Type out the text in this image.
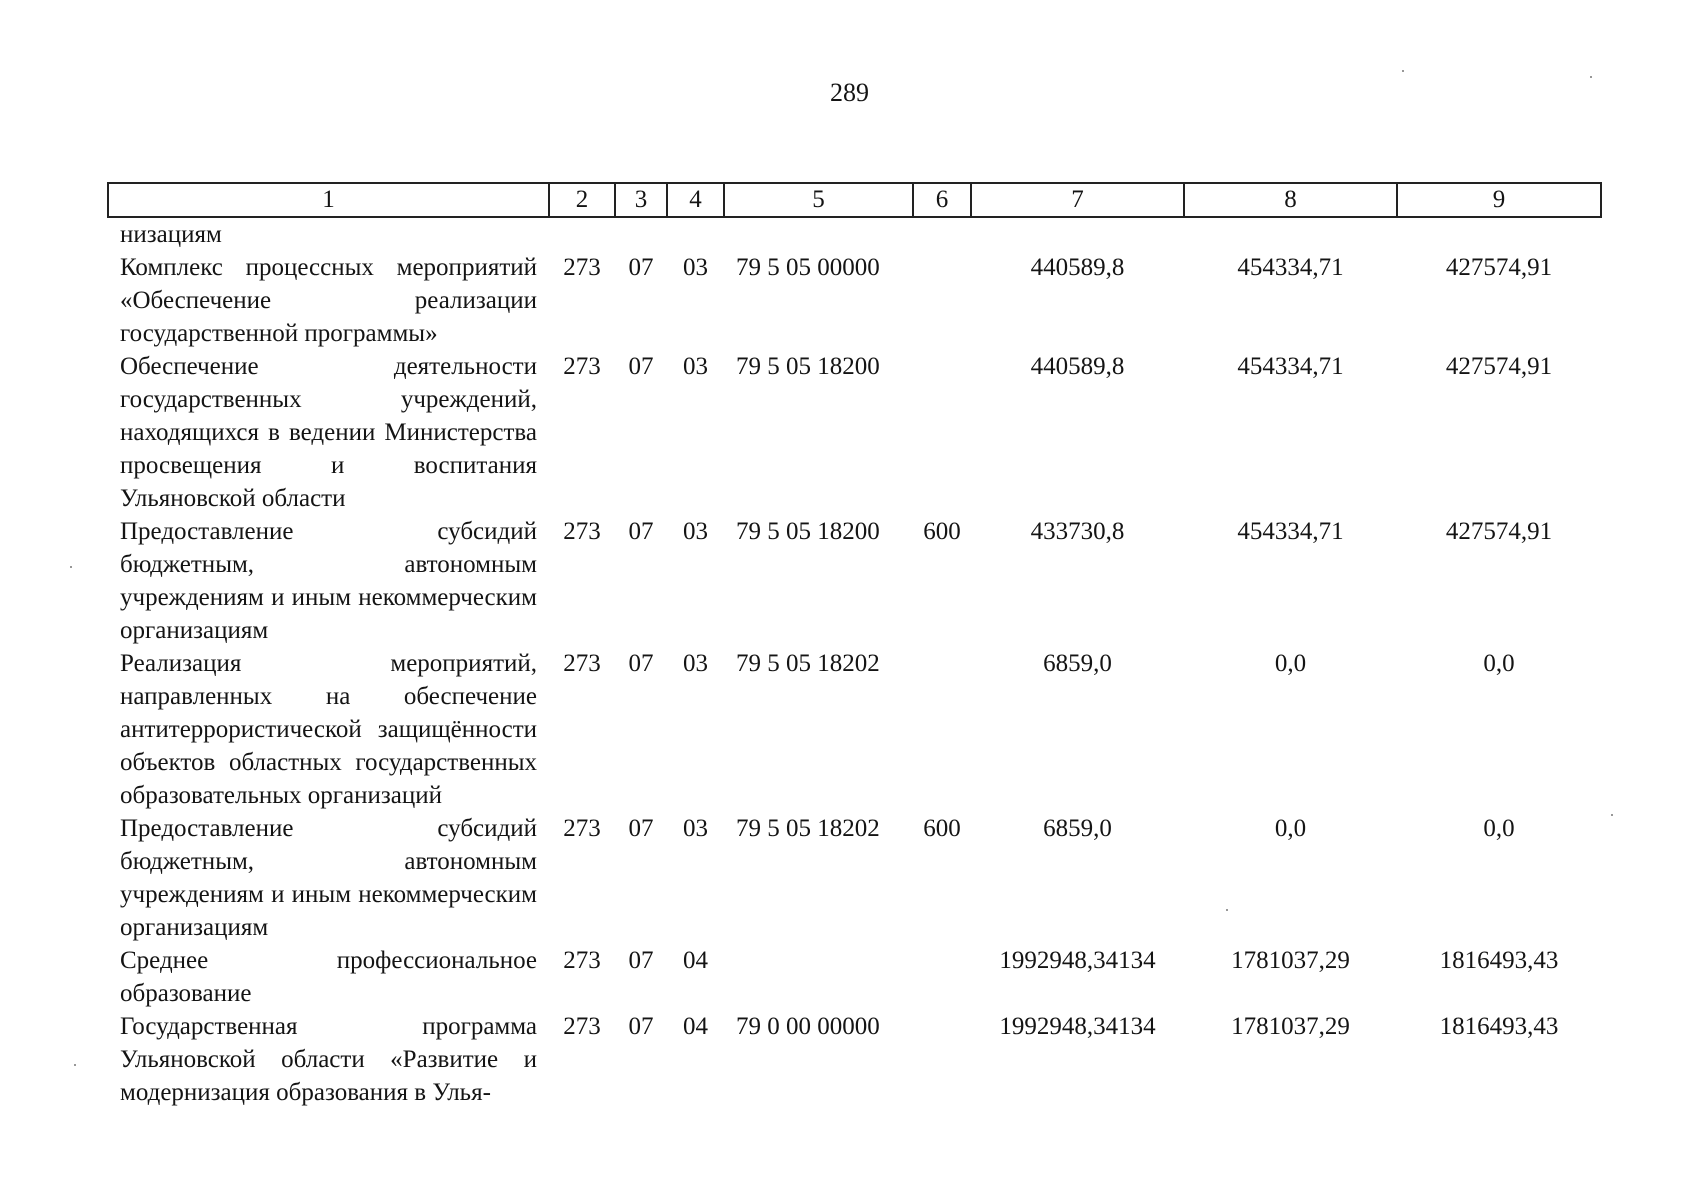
289
1	2	3	4	5	6	7	8	9
низациям								
Комплекс процессных мероприятий «Обеспечение реализации государственной программы»	273	07	03	79 5 05 00000		440589,8	454334,71	427574,91
Обеспечение деятельности государственных учреждений, находящихся в ведении Министерства просвещения и воспитания Ульяновской области	273	07	03	79 5 05 18200		440589,8	454334,71	427574,91
Предоставление субсидий бюджетным, автономным учреждениям и иным некоммерческим организациям	273	07	03	79 5 05 18200	600	433730,8	454334,71	427574,91
Реализация мероприятий, направленных на обеспечение антитеррористической защищённости объектов областных государственных образовательных организаций	273	07	03	79 5 05 18202		6859,0	0,0	0,0
Предоставление субсидий бюджетным, автономным учреждениям и иным некоммерческим организациям	273	07	03	79 5 05 18202	600	6859,0	0,0	0,0
Среднее профессиональное образование	273	07	04			1992948,34134	1781037,29	1816493,43
Государственная программа Ульяновской области «Развитие и модернизация образования в Улья-	273	07	04	79 0 00 00000		1992948,34134	1781037,29	1816493,43
